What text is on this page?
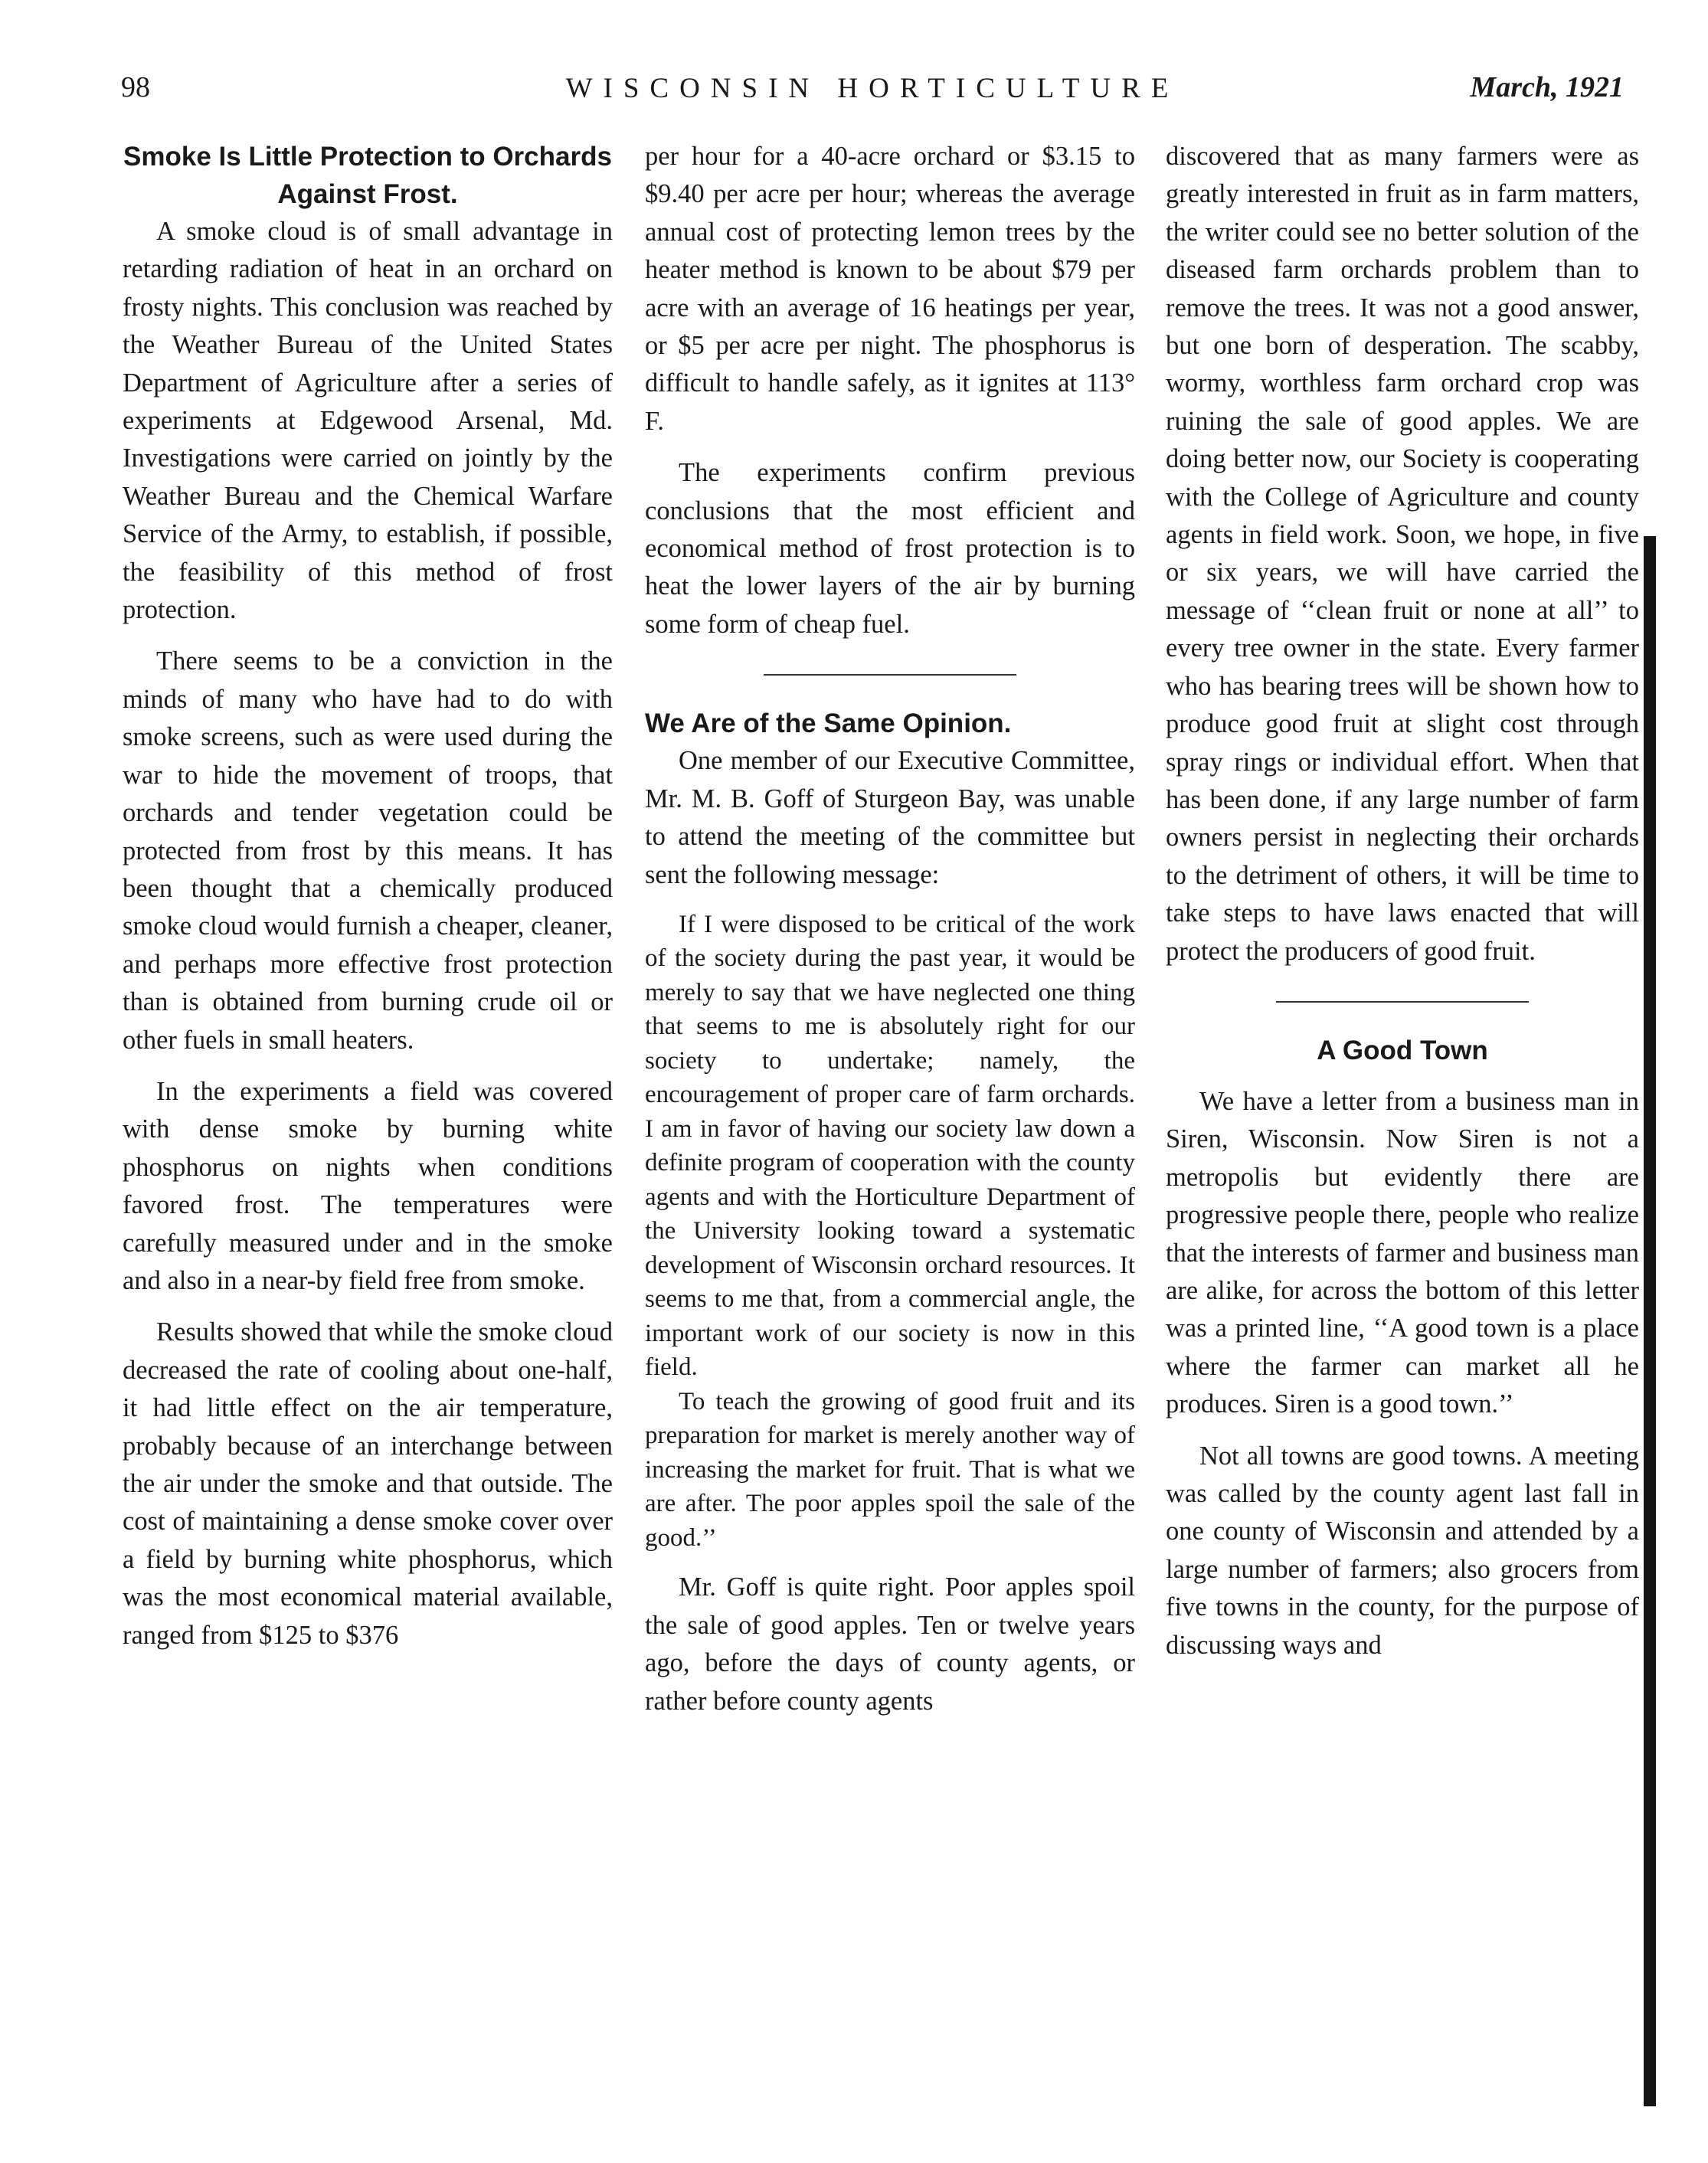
98	WISCONSIN HORTICULTURE	March, 1921
Smoke Is Little Protection to Orchards Against Frost.

A smoke cloud is of small advantage in retarding radiation of heat in an orchard on frosty nights. This conclusion was reached by the Weather Bureau of the United States Department of Agriculture after a series of experiments at Edgewood Arsenal, Md. Investigations were carried on jointly by the Weather Bureau and the Chemical Warfare Service of the Army, to establish, if possible, the feasibility of this method of frost protection.

There seems to be a conviction in the minds of many who have had to do with smoke screens, such as were used during the war to hide the movement of troops, that orchards and tender vegetation could be protected from frost by this means. It has been thought that a chemically produced smoke cloud would furnish a cheaper, cleaner, and perhaps more effective frost protection than is obtained from burning crude oil or other fuels in small heaters.

In the experiments a field was covered with dense smoke by burning white phosphorus on nights when conditions favored frost. The temperatures were carefully measured under and in the smoke and also in a near-by field free from smoke.

Results showed that while the smoke cloud decreased the rate of cooling about one-half, it had little effect on the air temperature, probably because of an interchange between the air under the smoke and that outside. The cost of maintaining a dense smoke cover over a field by burning white phosphorus, which was the most economical material available, ranged from $125 to $376

per hour for a 40-acre orchard or $3.15 to $9.40 per acre per hour; whereas the average annual cost of protecting lemon trees by the heater method is known to be about $79 per acre with an average of 16 heatings per year, or $5 per acre per night. The phosphorus is difficult to handle safely, as it ignites at 113° F.

The experiments confirm previous conclusions that the most efficient and economical method of frost protection is to heat the lower layers of the air by burning some form of cheap fuel.

We Are of the Same Opinion.

One member of our Executive Committee, Mr. M. B. Goff of Sturgeon Bay, was unable to attend the meeting of the committee but sent the following message:

If I were disposed to be critical of the work of the society during the past year, it would be merely to say that we have neglected one thing that seems to me is absolutely right for our society to undertake; namely, the encouragement of proper care of farm orchards. I am in favor of having our society law down a definite program of cooperation with the county agents and with the Horticulture Department of the University looking toward a systematic development of Wisconsin orchard resources. It seems to me that, from a commercial angle, the important work of our society is now in this field.

To teach the growing of good fruit and its preparation for market is merely another way of increasing the market for fruit. That is what we are after. The poor apples spoil the sale of the good.’’

Mr. Goff is quite right. Poor apples spoil the sale of good apples. Ten or twelve years ago, before the days of county agents, or rather before county agents

discovered that as many farmers were as greatly interested in fruit as in farm matters, the writer could see no better solution of the diseased farm orchards problem than to remove the trees. It was not a good answer, but one born of desperation. The scabby, wormy, worthless farm orchard crop was ruining the sale of good apples. We are doing better now, our Society is cooperating with the College of Agriculture and county agents in field work. Soon, we hope, in five or six years, we will have carried the message of ‘‘clean fruit or none at all’’ to every tree owner in the state. Every farmer who has bearing trees will be shown how to produce good fruit at slight cost through spray rings or individual effort. When that has been done, if any large number of farm owners persist in neglecting their orchards to the detriment of others, it will be time to take steps to have laws enacted that will protect the producers of good fruit.

A Good Town

We have a letter from a business man in Siren, Wisconsin. Now Siren is not a metropolis but evidently there are progressive people there, people who realize that the interests of farmer and business man are alike, for across the bottom of this letter was a printed line, ‘‘A good town is a place where the farmer can market all he produces. Siren is a good town.’’

Not all towns are good towns. A meeting was called by the county agent last fall in one county of Wisconsin and attended by a large number of farmers; also grocers from five towns in the county, for the purpose of discussing ways and
